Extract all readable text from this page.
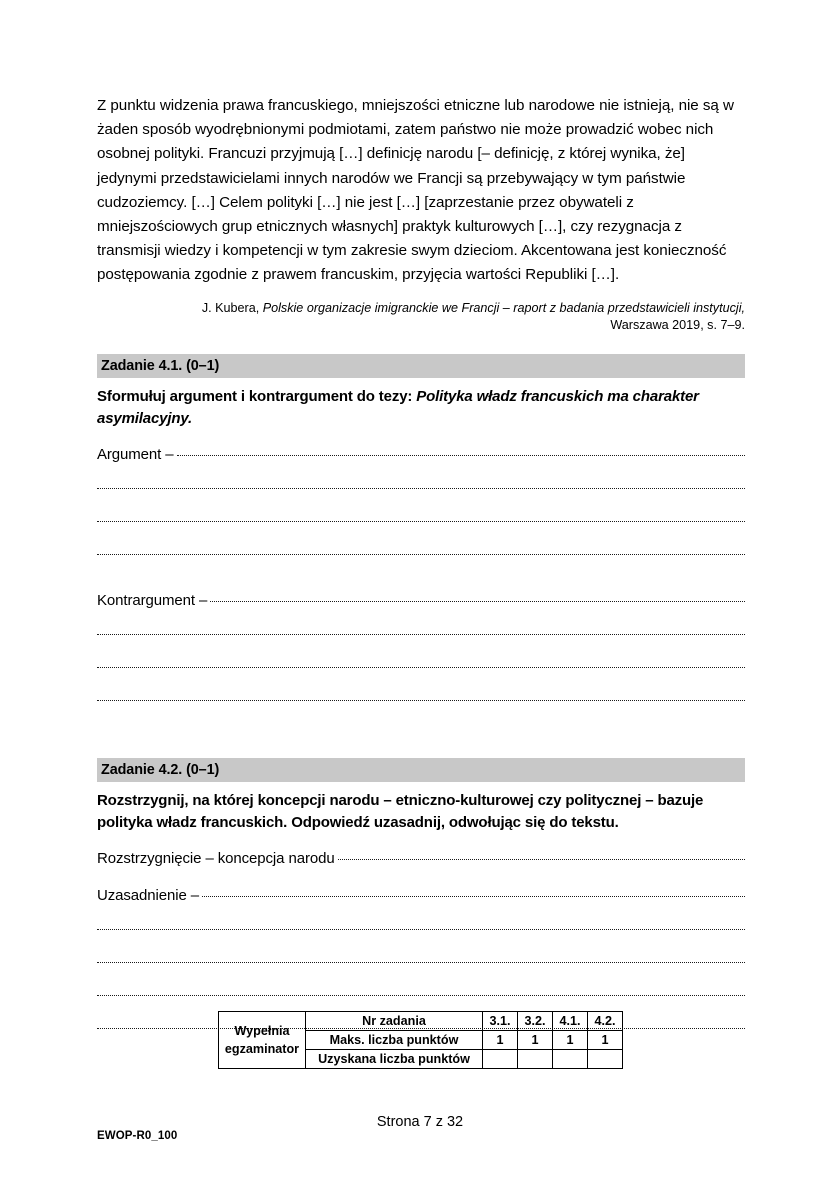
Z punktu widzenia prawa francuskiego, mniejszości etniczne lub narodowe nie istnieją, nie są w żaden sposób wyodrębnionymi podmiotami, zatem państwo nie może prowadzić wobec nich osobnej polityki. Francuzi przyjmują […] definicję narodu [– definicję, z której wynika, że] jedynymi przedstawicielami innych narodów we Francji są przebywający w tym państwie cudzoziemcy. […] Celem polityki […] nie jest […] [zaprzestanie przez obywateli z mniejszościowych grup etnicznych własnych] praktyk kulturowych […], czy rezygnacja z transmisji wiedzy i kompetencji w tym zakresie swym dzieciom. Akcentowana jest konieczność postępowania zgodnie z prawem francuskim, przyjęcia wartości Republiki […].
J. Kubera, Polskie organizacje imigranckie we Francji – raport z badania przedstawicieli instytucji,
Warszawa 2019, s. 7–9.
Zadanie 4.1. (0–1)
Sformułuj argument i kontrargument do tezy: Polityka władz francuskich ma charakter asymilacyjny.
Argument –
Kontrargument –
Zadanie 4.2. (0–1)
Rozstrzygnij, na której koncepcji narodu – etniczno-kulturowej czy politycznej – bazuje polityka władz francuskich. Odpowiedź uzasadnij, odwołując się do tekstu.
Rozstrzygnięcie – koncepcja narodu
Uzasadnienie –
Wypełnia
egzaminator	Nr zadania	3.1.	3.2.	4.1.	4.2.
	Maks. liczba punktów	1	1	1	1
	Uzyskana liczba punktów				
Strona 7 z 32
EWOP-R0_100
